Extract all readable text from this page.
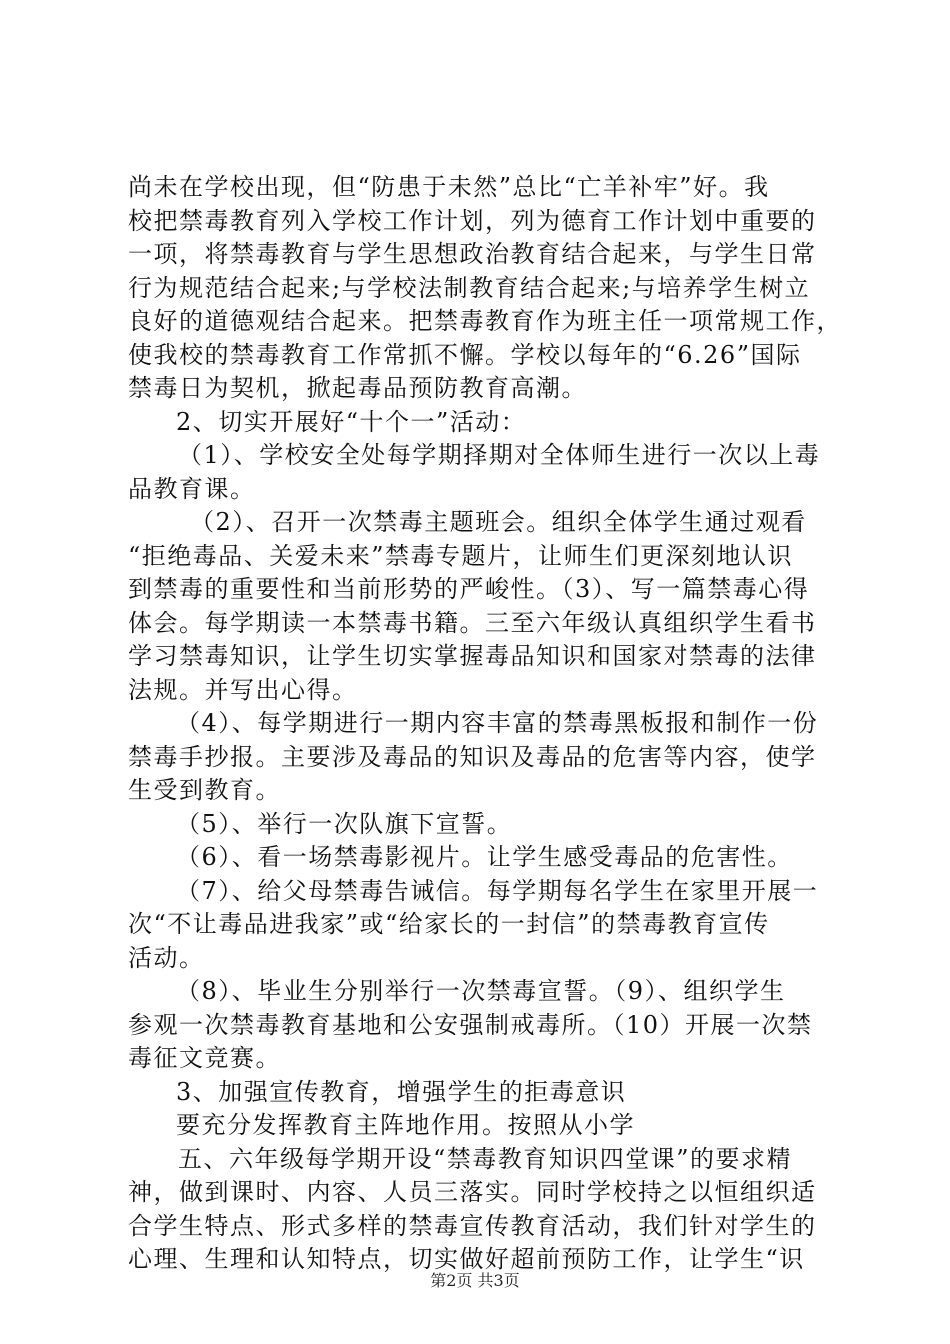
尚未在学校出现，但“防患于未然”总比“亡羊补牢”好。我
校把禁毒教育列入学校工作计划，列为德育工作计划中重要的
一项，将禁毒教育与学生思想政治教育结合起来，与学生日常
行为规范结合起来;与学校法制教育结合起来;与培养学生树立
良好的道德观结合起来。把禁毒教育作为班主任一项常规工作，
使我校的禁毒教育工作常抓不懈。学校以每年的“6.26”国际
禁毒日为契机，掀起毒品预防教育高潮。
2、切实开展好“十个一”活动：
（1）、学校安全处每学期择期对全体师生进行一次以上毒
品教育课。
（2）、召开一次禁毒主题班会。组织全体学生通过观看
“拒绝毒品、关爱未来”禁毒专题片，让师生们更深刻地认识
到禁毒的重要性和当前形势的严峻性。（3）、写一篇禁毒心得
体会。每学期读一本禁毒书籍。三至六年级认真组织学生看书
学习禁毒知识，让学生切实掌握毒品知识和国家对禁毒的法律
法规。并写出心得。
（4）、每学期进行一期内容丰富的禁毒黑板报和制作一份
禁毒手抄报。主要涉及毒品的知识及毒品的危害等内容，使学
生受到教育。
（5）、举行一次队旗下宣誓。
（6）、看一场禁毒影视片。让学生感受毒品的危害性。
（7）、给父母禁毒告诫信。每学期每名学生在家里开展一
次“不让毒品进我家”或“给家长的一封信”的禁毒教育宣传
活动。
（8）、毕业生分别举行一次禁毒宣誓。（9）、组织学生
参观一次禁毒教育基地和公安强制戒毒所。（10）开展一次禁
毒征文竞赛。
3、加强宣传教育，增强学生的拒毒意识
要充分发挥教育主阵地作用。按照从小学
五、六年级每学期开设“禁毒教育知识四堂课”的要求精
神，做到课时、内容、人员三落实。同时学校持之以恒组织适
合学生特点、形式多样的禁毒宣传教育活动，我们针对学生的
心理、生理和认知特点，切实做好超前预防工作，让学生“识
第2页 共3页
